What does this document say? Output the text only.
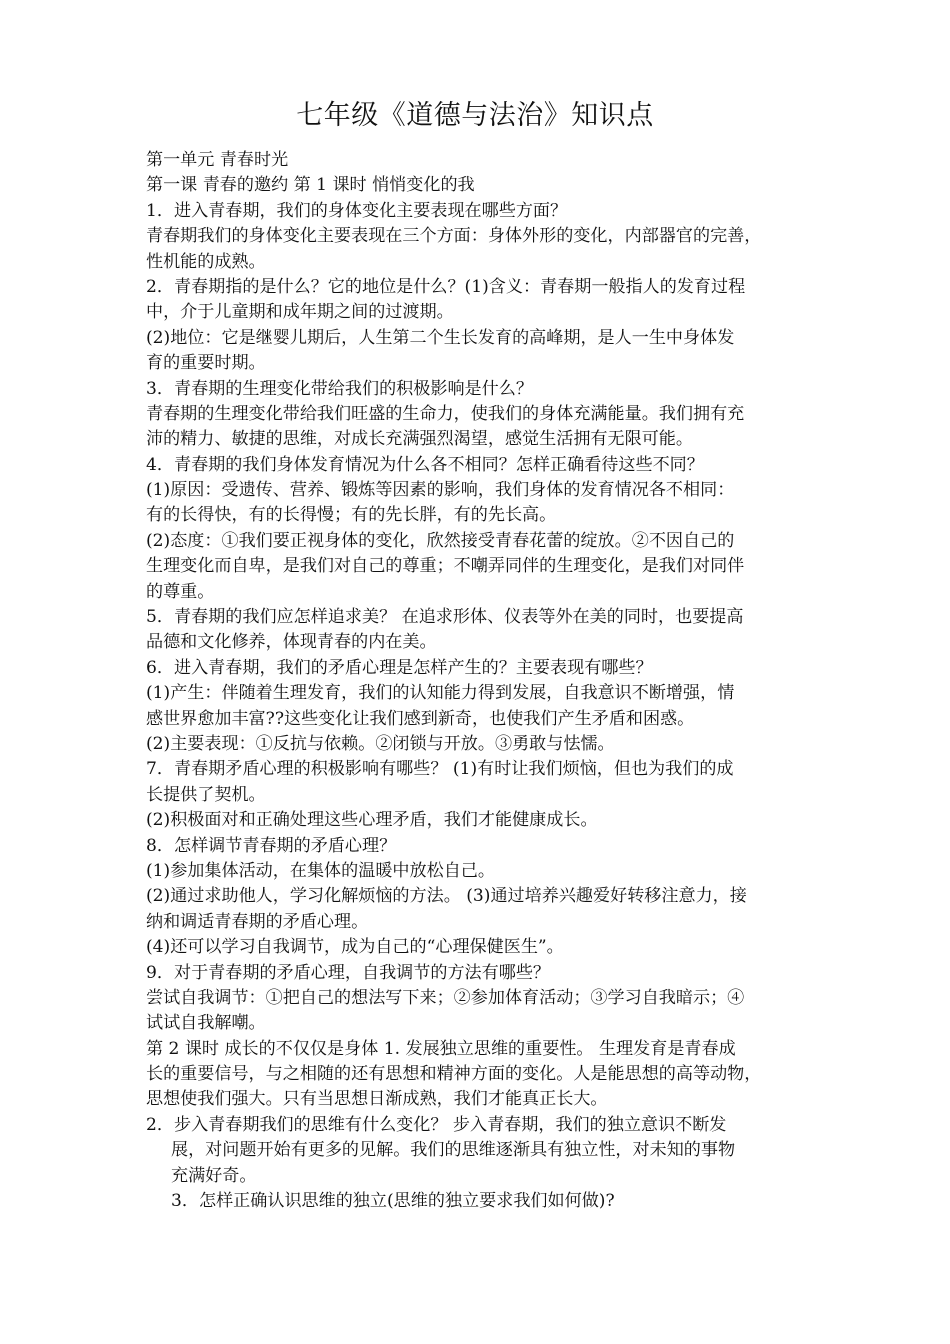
七年级《道德与法治》知识点
第一单元 青春时光
第一课 青春的邀约 第 1 课时 悄悄变化的我
1．进入青春期，我们的身体变化主要表现在哪些方面？
青春期我们的身体变化主要表现在三个方面：身体外形的变化，内部器官的完善，
性机能的成熟。
2．青春期指的是什么？它的地位是什么？(1)含义：青春期一般指人的发育过程
中，介于儿童期和成年期之间的过渡期。
(2)地位：它是继婴儿期后，人生第二个生长发育的高峰期，是人一生中身体发
育的重要时期。
3．青春期的生理变化带给我们的积极影响是什么？
青春期的生理变化带给我们旺盛的生命力，使我们的身体充满能量。我们拥有充
沛的精力、敏捷的思维，对成长充满强烈渴望，感觉生活拥有无限可能。
4．青春期的我们身体发育情况为什么各不相同？怎样正确看待这些不同？
(1)原因：受遗传、营养、锻炼等因素的影响，我们身体的发育情况各不相同：
有的长得快，有的长得慢；有的先长胖，有的先长高。
(2)态度：①我们要正视身体的变化，欣然接受青春花蕾的绽放。②不因自己的
生理变化而自卑，是我们对自己的尊重；不嘲弄同伴的生理变化，是我们对同伴
的尊重。
5．青春期的我们应怎样追求美？ 在追求形体、仪表等外在美的同时，也要提高
品德和文化修养，体现青春的内在美。
6．进入青春期，我们的矛盾心理是怎样产生的？主要表现有哪些？
(1)产生：伴随着生理发育，我们的认知能力得到发展，自我意识不断增强，情
感世界愈加丰富??这些变化让我们感到新奇，也使我们产生矛盾和困惑。
(2)主要表现：①反抗与依赖。②闭锁与开放。③勇敢与怯懦。
7．青春期矛盾心理的积极影响有哪些？ (1)有时让我们烦恼，但也为我们的成
长提供了契机。
(2)积极面对和正确处理这些心理矛盾，我们才能健康成长。
8．怎样调节青春期的矛盾心理？
(1)参加集体活动，在集体的温暖中放松自己。
(2)通过求助他人，学习化解烦恼的方法。 (3)通过培养兴趣爱好转移注意力，接
纳和调适青春期的矛盾心理。
(4)还可以学习自我调节，成为自己的“心理保健医生”。
9．对于青春期的矛盾心理，自我调节的方法有哪些？
尝试自我调节：①把自己的想法写下来；②参加体育活动；③学习自我暗示；④
试试自我解嘲。
第 2 课时 成长的不仅仅是身体 1. 发展独立思维的重要性。 生理发育是青春成
长的重要信号，与之相随的还有思想和精神方面的变化。人是能思想的高等动物，
思想使我们强大。只有当思想日渐成熟，我们才能真正长大。
2．步入青春期我们的思维有什么变化？ 步入青春期，我们的独立意识不断发
展，对问题开始有更多的见解。我们的思维逐渐具有独立性，对未知的事物
充满好奇。
3．怎样正确认识思维的独立(思维的独立要求我们如何做)?
